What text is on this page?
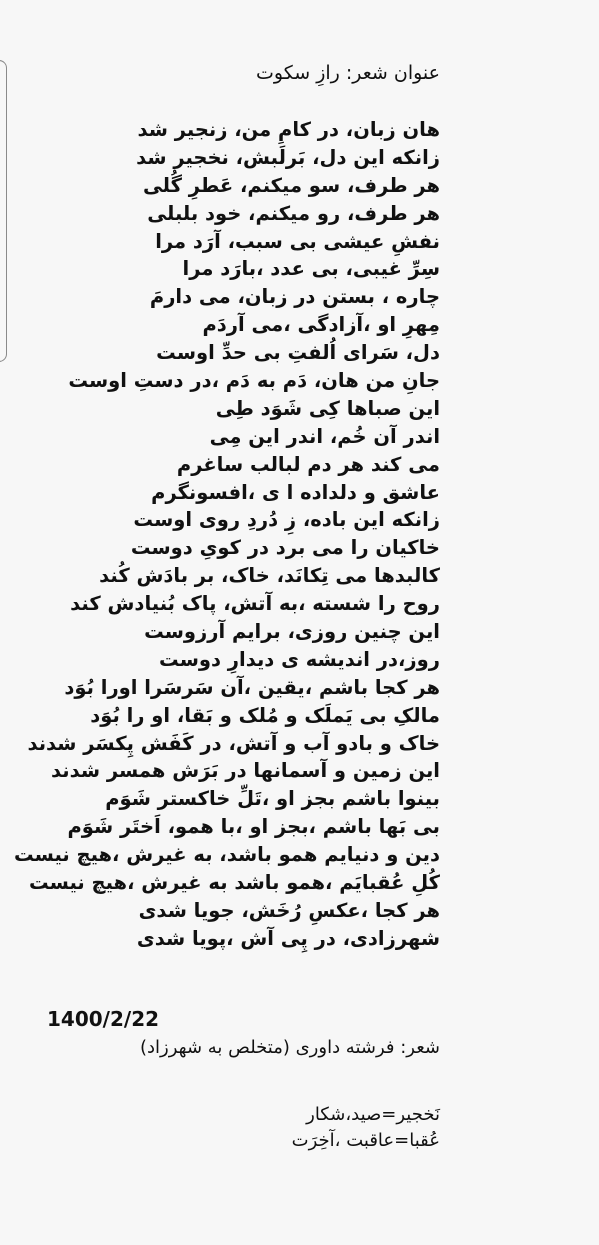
عنوان شعر: رازِ سکوت
هان زبان، در کامِ من، زنجیر شد
زانکه این دل، بَرلَبش، نخجیر شد
هر طرف، سو میکنم، عَطرِ گُلی
هر طرف، رو میکنم، خود بلبلی
نفشِ عیشی بی سبب، آرَد مرا
سِرِّ غیبی، بی عدد ،بارَد مرا
چاره ، بستن در زبان، می دارمَ
مِهرِ او ،آزادگی ،می آردَم
دل، سَرای اُلفتِ بی حدِّ اوست
جانِ من هان، دَم به دَم ،در دستِ اوست
این صباها کِی شَوَد طِی
اندر آن خُم، اندر این مِی
می کند هر دم لبالب ساغرم
عاشق و دلداده ا ی ،افسونگرم
زانکه این باده، زِ دُردِ روی اوست
خاکیان را می برد در کویِ دوست
کالبدها می تِکانَد، خاک، بر بادَش کُند
روح را شسته ،به آتش، پاک بُنیادش کند
این چنین روزی، برایم آرزوست
روز،در اندیشه ی دیدارِ دوست
هر کجا باشم ،یقین ،آن سَرسَرا اورا بُوَد
مالکِ بی یَملَک و مُلک و بَقا، او را بُوَد
خاک و بادو آب و آتش، در کَفَش پِکسَر شدند
این زمین و آسمانها در بَرَش همسر شدند
بینوا باشم بجز او ،تَلِّ خاکستر شَوَم
بی بَها باشم ،بجز او ،با همو، اَختَر شَوَم
دین و دنیایم همو باشد، به غیرش ،هیچ نیست
کُلِ عُقبایَم ،همو باشد به غیرش ،هیچ نیست
هر کجا ،عکسِ رُخَش، جویا شدی
شهرزادی، در پِی آش ،پویا شدی
1400/2/22
شعر: فرشته داوری (متخلص به شهرزاد)
نَخجیر=صید،شکار
عُقبا=عاقبت ،آخِرَت
